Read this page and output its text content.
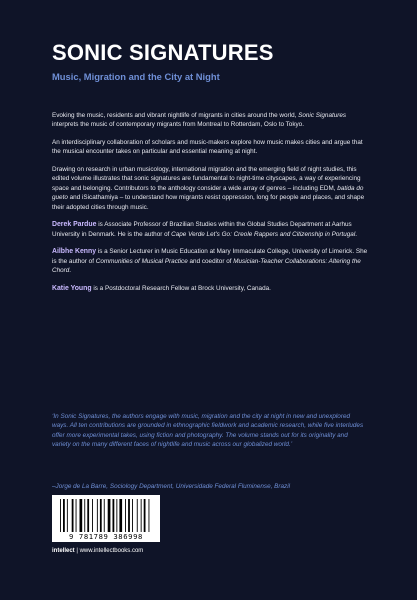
SONIC SIGNATURES
Music, Migration and the City at Night

Evoking the music, residents and vibrant nightlife of migrants in cities around the world, Sonic Signatures interprets the music of contemporary migrants from Montreal to Rotterdam, Oslo to Tokyo.

An interdisciplinary collaboration of scholars and music-makers explore how music makes cities and argue that the musical encounter takes on particular and essential meaning at night.

Drawing on research in urban musicology, international migration and the emerging field of night studies, this edited volume illustrates that sonic signatures are fundamental to night-time cityscapes, a way of experiencing space and belonging. Contributors to the anthology consider a wide array of genres – including EDM, batida do gueto and iSicathamiya – to understand how migrants resist oppression, long for people and places, and shape their adopted cities through music.

Derek Pardue is Associate Professor of Brazilian Studies within the Global Studies Department at Aarhus University in Denmark. He is the author of Cape Verde Let’s Go: Creole Rappers and Citizenship in Portugal.

Ailbhe Kenny is a Senior Lecturer in Music Education at Mary Immaculate College, University of Limerick. She is the author of Communities of Musical Practice and coeditor of Musician-Teacher Collaborations: Altering the Chord.

Katie Young is a Postdoctoral Research Fellow at Brock University, Canada.

‘In Sonic Signatures, the authors engage with music, migration and the city at night in new and unexplored ways. All ten contributions are grounded in ethnographic fieldwork and academic research, while five interludes offer more experimental takes, using fiction and photography. The volume stands out for its originality and variety on the many different faces of nightlife and music across our globalized world.’

–Jorge de La Barre, Sociology Department, Universidade Federal Fluminense, Brazil
9 781789 386998
intellect | www.intellectbooks.com
